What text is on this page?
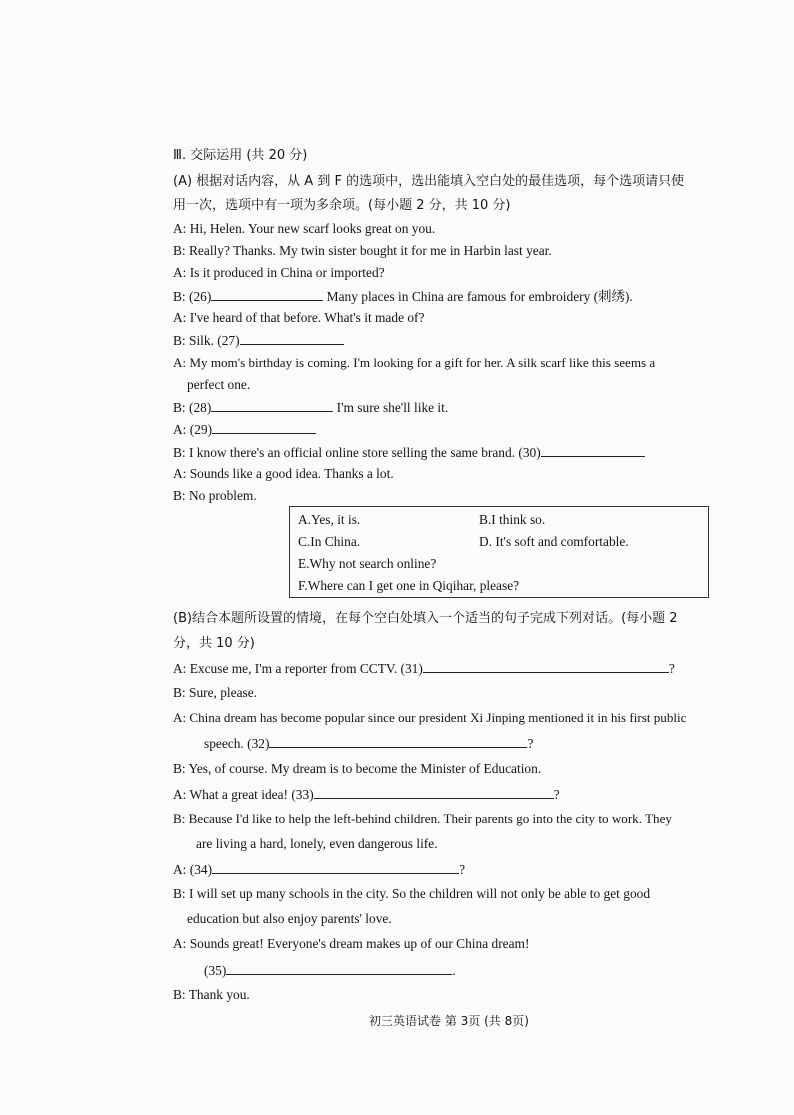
Ⅲ. 交际运用 (共 20 分)
(A) 根据对话内容，从 A 到 F 的选项中，选出能填入空白处的最佳选项，每个选项请只使
用一次，选项中有一项为多余项。(每小题 2 分，共 10 分)
A: Hi, Helen. Your new scarf looks great on you.
B: Really? Thanks. My twin sister bought it for me in Harbin last year.
A: Is it produced in China or imported?
B: (26)	Many places in China are famous for embroidery (刺绣).
A: I've heard of that before. What's it made of?
B: Silk. (27)
A: My mom's birthday is coming. I'm looking for a gift for her. A silk scarf like this seems a
perfect one.
B: (28)	I'm sure she'll like it.
A: (29)
B: I know there's an official online store selling the same brand. (30)
A: Sounds like a good idea. Thanks a lot.
B: No problem.
A.Yes, it is.	B.I think so.
C.In China.	D. It's soft and comfortable.
E.Why not search online?
F.Where can I get one in Qiqihar, please?
(B)结合本题所设置的情境，在每个空白处填入一个适当的句子完成下列对话。(每小题 2
分，共 10 分)
A: Excuse me, I'm a reporter from CCTV. (31)	?
B: Sure, please.
A: China dream has become popular since our president Xi Jinping mentioned it in his first public
speech. (32)	?
B: Yes, of course. My dream is to become the Minister of Education.
A: What a great idea! (33)	?
B: Because I'd like to help the left-behind children. Their parents go into the city to work. They
are living a hard, lonely, even dangerous life.
A: (34)	?
B: I will set up many schools in the city. So the children will not only be able to get good
education but also enjoy parents' love.
A: Sounds great! Everyone's dream makes up of our China dream!
(35)	.
B: Thank you.
初三英语试卷 第 3页 (共 8页)
